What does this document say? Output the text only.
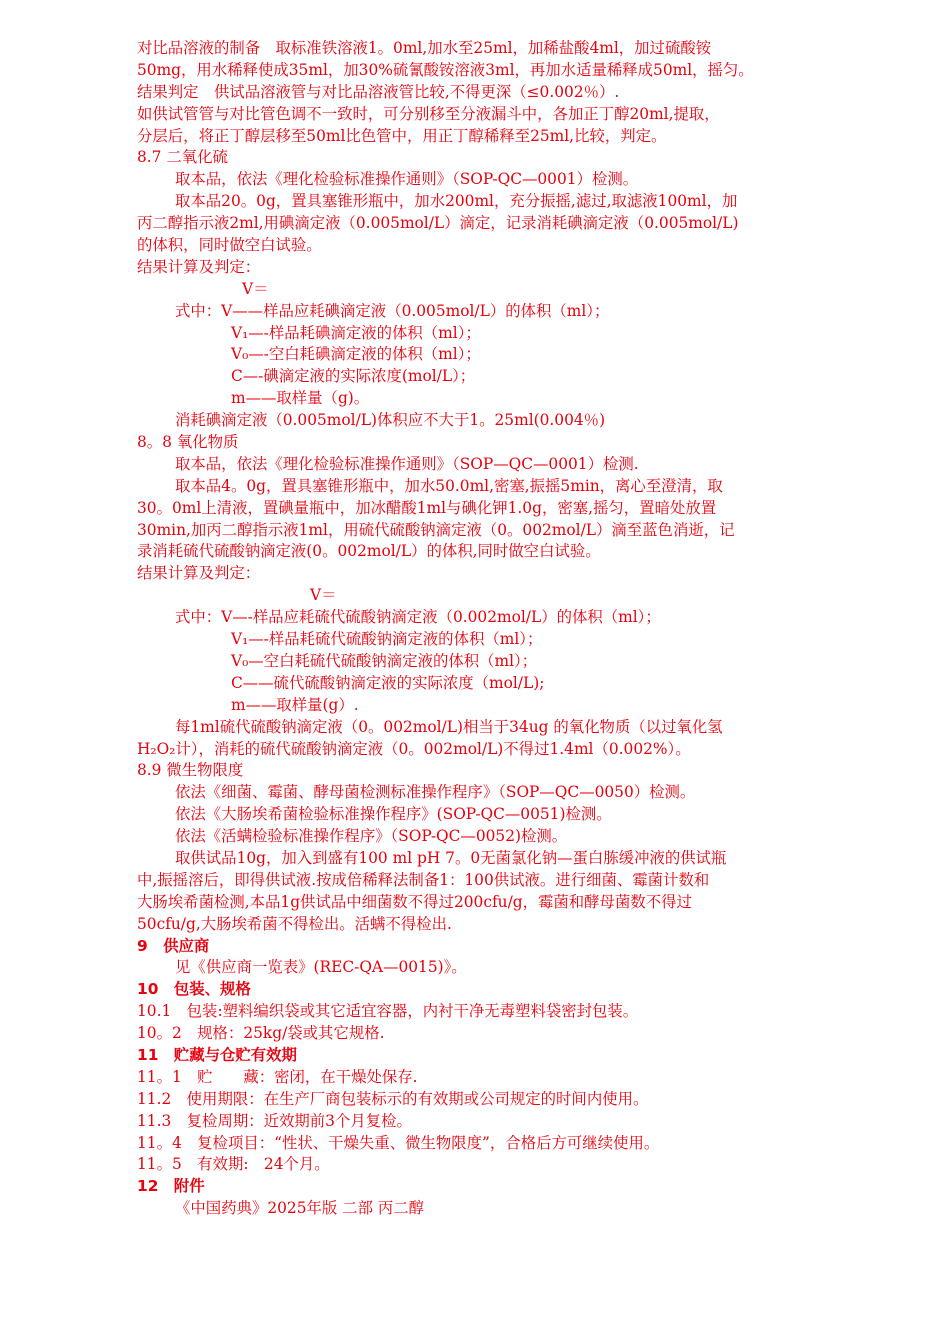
对比品溶液的制备　取标准铁溶液1。0ml,加水至25ml，加稀盐酸4ml，加过硫酸铵
50mg，用水稀释使成35ml，加30%硫氰酸铵溶液3ml，再加水适量稀释成50ml，摇匀。
结果判定　供试品溶液管与对比品溶液管比较,不得更深（≤0.002％）.
如供试管管与对比管色调不一致时，可分别移至分液漏斗中，各加正丁醇20ml,提取，
分层后，将正丁醇层移至50ml比色管中，用正丁醇稀释至25ml,比较，判定。
8.7 二氧化硫
取本品，依法《理化检验标准操作通则》（SOP-QC—0001）检测。
取本品20。0g，置具塞锥形瓶中，加水200ml，充分振摇,滤过,取滤液100ml，加
丙二醇指示液2ml,用碘滴定液（0.005mol/L）滴定，记录消耗碘滴定液（0.005mol/L)
的体积，同时做空白试验。
结果计算及判定：
V＝
式中：V——样品应耗碘滴定液（0.005mol/L）的体积（ml）；
V₁—-样品耗碘滴定液的体积（ml）；
V₀—-空白耗碘滴定液的体积（ml）；
C—-碘滴定液的实际浓度(mol/L）；
m——取样量（g)。
消耗碘滴定液（0.005mol/L)体积应不大于1。25ml(0.004％)
8。8 氧化物质
取本品，依法《理化检验标准操作通则》（SOP—QC—0001）检测.
取本品4。0g，置具塞锥形瓶中，加水50.0ml,密塞,振摇5min，离心至澄清，取
30。0ml上清液，置碘量瓶中，加冰醋酸1ml与碘化钾1.0g，密塞,摇匀，置暗处放置
30min,加丙二醇指示液1ml，用硫代硫酸钠滴定液（0。002mol/L）滴至蓝色消逝，记
录消耗硫代硫酸钠滴定液(0。002mol/L）的体积,同时做空白试验。
结果计算及判定：
V＝
式中：V—-样品应耗硫代硫酸钠滴定液（0.002mol/L）的体积（ml）；
V₁—-样品耗硫代硫酸钠滴定液的体积（ml）；
V₀—空白耗硫代硫酸钠滴定液的体积（ml）；
C——硫代硫酸钠滴定液的实际浓度（mol/L);
m——取样量(g）.
每1ml硫代硫酸钠滴定液（0。002mol/L)相当于34ug 的氧化物质（以过氧化氢
H₂O₂计），消耗的硫代硫酸钠滴定液（0。002mol/L)不得过1.4ml（0.002%）。
8.9 微生物限度
依法《细菌、霉菌、酵母菌检测标准操作程序》（SOP—QC—0050）检测。
依法《大肠埃希菌检验标准操作程序》(SOP-QC—0051)检测。
依法《活螨检验标准操作程序》（SOP-QC—0052)检测。
取供试品10g，加入到盛有100 ml pH 7。0无菌氯化钠—蛋白胨缓冲液的供试瓶
中,振摇溶后，即得供试液.按成倍稀释法制备1：100供试液。进行细菌、霉菌计数和
大肠埃希菌检测,本品1g供试品中细菌数不得过200cfu/g，霉菌和酵母菌数不得过
50cfu/g,大肠埃希菌不得检出。活螨不得检出.
9　供应商
见《供应商一览表》(REC-QA—0015)》。
10　包装、规格
10.1　包装:塑料编织袋或其它适宜容器，内衬干净无毒塑料袋密封包装。
10。2　规格：25kg/袋或其它规格.
11　贮藏与仓贮有效期
11。1　贮　　藏：密闭，在干燥处保存.
11.2　使用期限：在生产厂商包装标示的有效期或公司规定的时间内使用。
11.3　复检周期：近效期前3个月复检。
11。4　复检项目：“性状、干燥失重、微生物限度”，合格后方可继续使用。
11。5　有效期:　24个月。
12　附件
《中国药典》2025年版 二部 丙二醇
